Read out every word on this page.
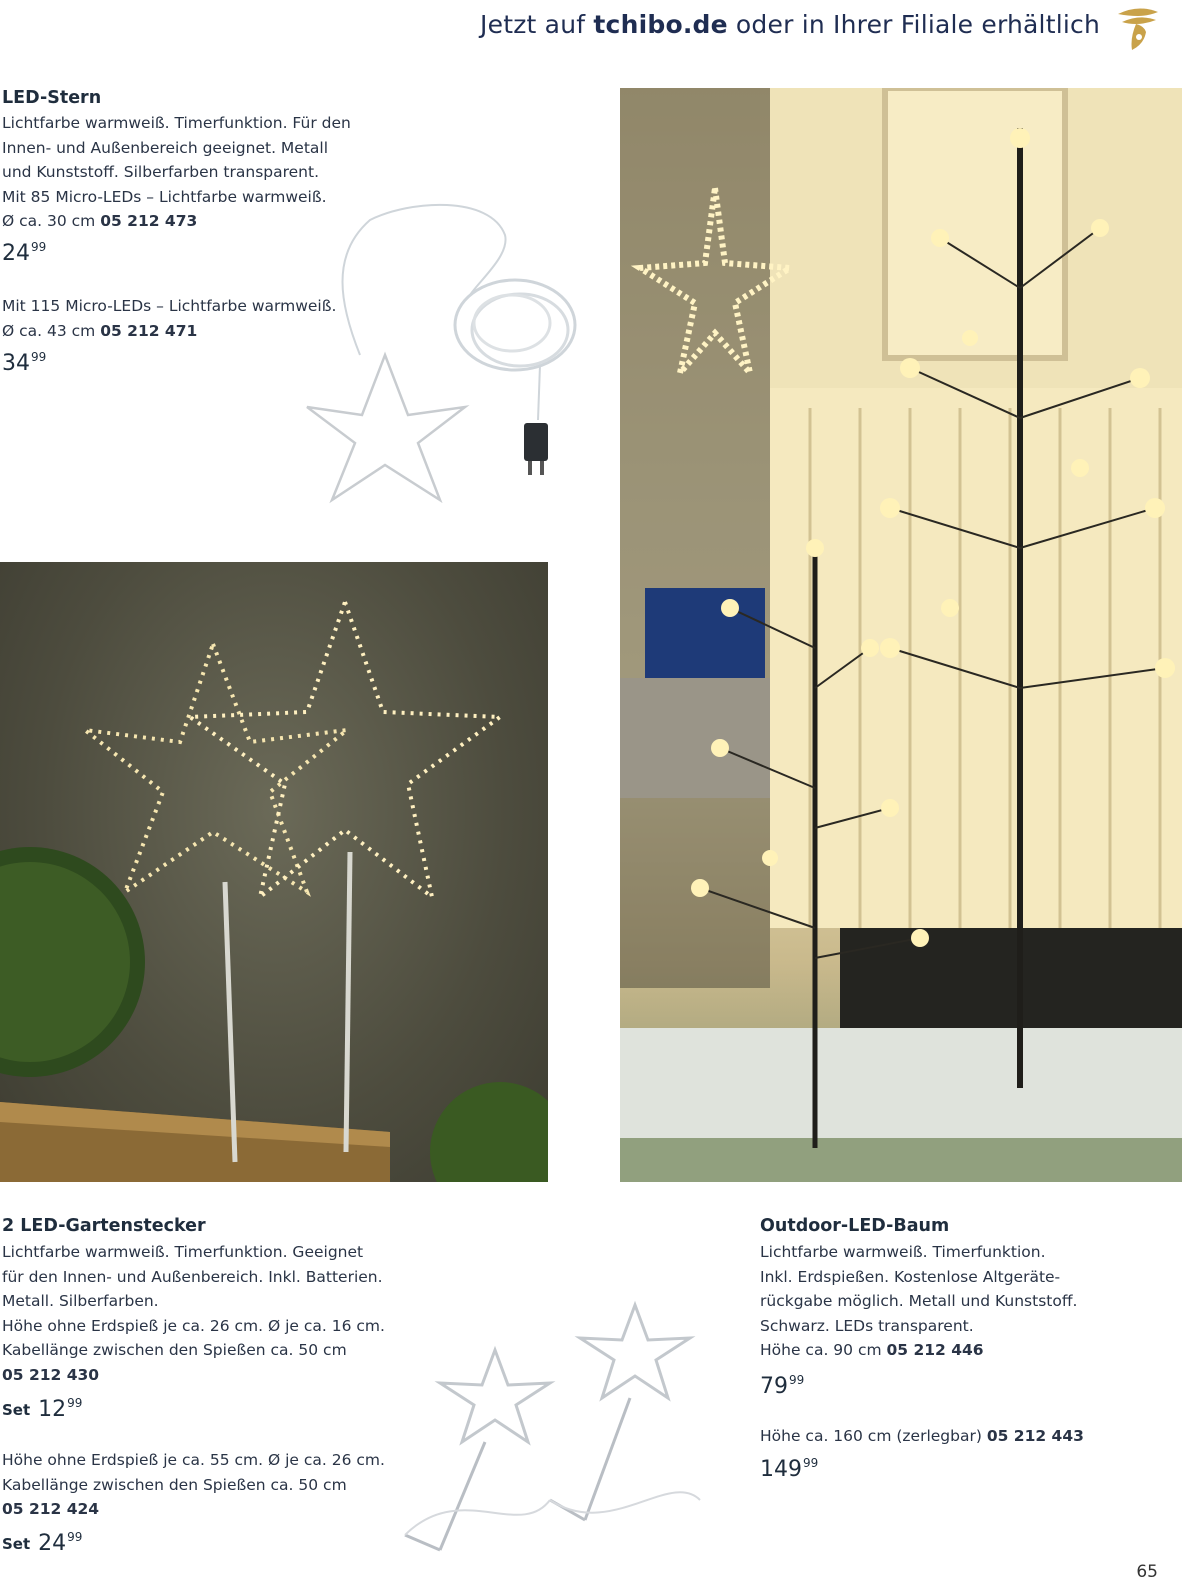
Jetzt auf tchibo.de oder in Ihrer Filiale erhältlich
LED-Stern
Lichtfarbe warmweiß. Timerfunktion. Für den
Innen- und Außenbereich geeignet. Metall
und Kunststoff. Silberfarben transparent.
Mit 85 Micro-LEDs – Lichtfarbe warmweiß.
Ø ca. 30 cm 05 212 473
$24^{99}$
Mit 115 Micro-LEDs – Lichtfarbe warmweiß.
Ø ca. 43 cm 05 212 471
$34^{99}$
2 LED-Gartenstecker
Lichtfarbe warmweiß. Timerfunktion. Geeignet
für den Innen- und Außenbereich. Inkl. Batterien.
Metall. Silberfarben.
Höhe ohne Erdspieß je ca. 26 cm. Ø je ca. 16 cm.
Kabellänge zwischen den Spießen ca. 50 cm
05 212 430
Set $12^{99}$
Höhe ohne Erdspieß je ca. 55 cm. Ø je ca. 26 cm.
Kabellänge zwischen den Spießen ca. 50 cm
05 212 424
Set $24^{99}$
Outdoor-LED-Baum
Lichtfarbe warmweiß. Timerfunktion.
Inkl. Erdspießen. Kostenlose Altgeräte-
rückgabe möglich. Metall und Kunststoff.
Schwarz. LEDs transparent.
Höhe ca. 90 cm 05 212 446
$79^{99}$
Höhe ca. 160 cm (zerlegbar) 05 212 443
$149^{99}$
65
